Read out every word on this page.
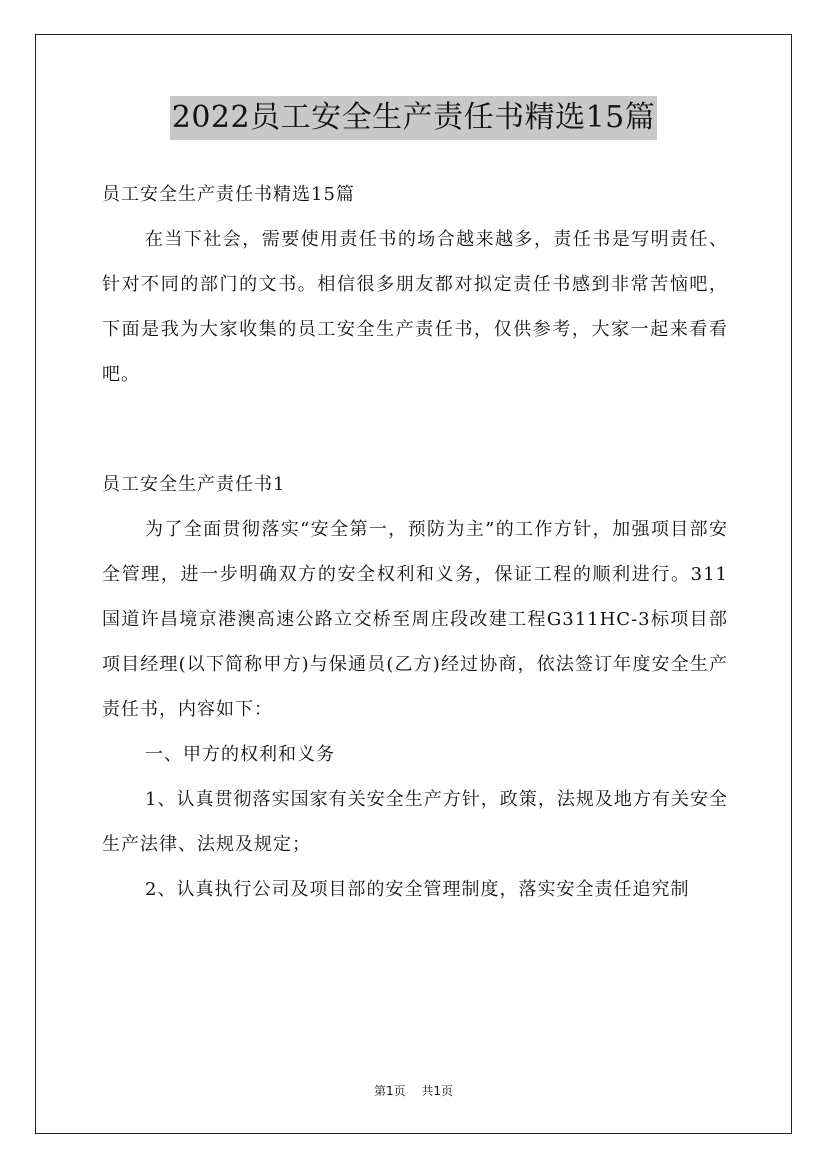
2022员工安全生产责任书精选15篇

员工安全生产责任书精选15篇

在当下社会，需要使用责任书的场合越来越多，责任书是写明责任、针对不同的部门的文书。相信很多朋友都对拟定责任书感到非常苦恼吧，下面是我为大家收集的员工安全生产责任书，仅供参考，大家一起来看看吧。

员工安全生产责任书1

为了全面贯彻落实“安全第一，预防为主”的工作方针，加强项目部安全管理，进一步明确双方的安全权利和义务，保证工程的顺利进行。311国道许昌境京港澳高速公路立交桥至周庄段改建工程G311HC-3标项目部项目经理(以下简称甲方)与保通员(乙方)经过协商，依法签订年度安全生产责任书，内容如下：

一、甲方的权利和义务

1、认真贯彻落实国家有关安全生产方针，政策，法规及地方有关安全生产法律、法规及规定；

2、认真执行公司及项目部的安全管理制度，落实安全责任追究制

第1页 共1页
